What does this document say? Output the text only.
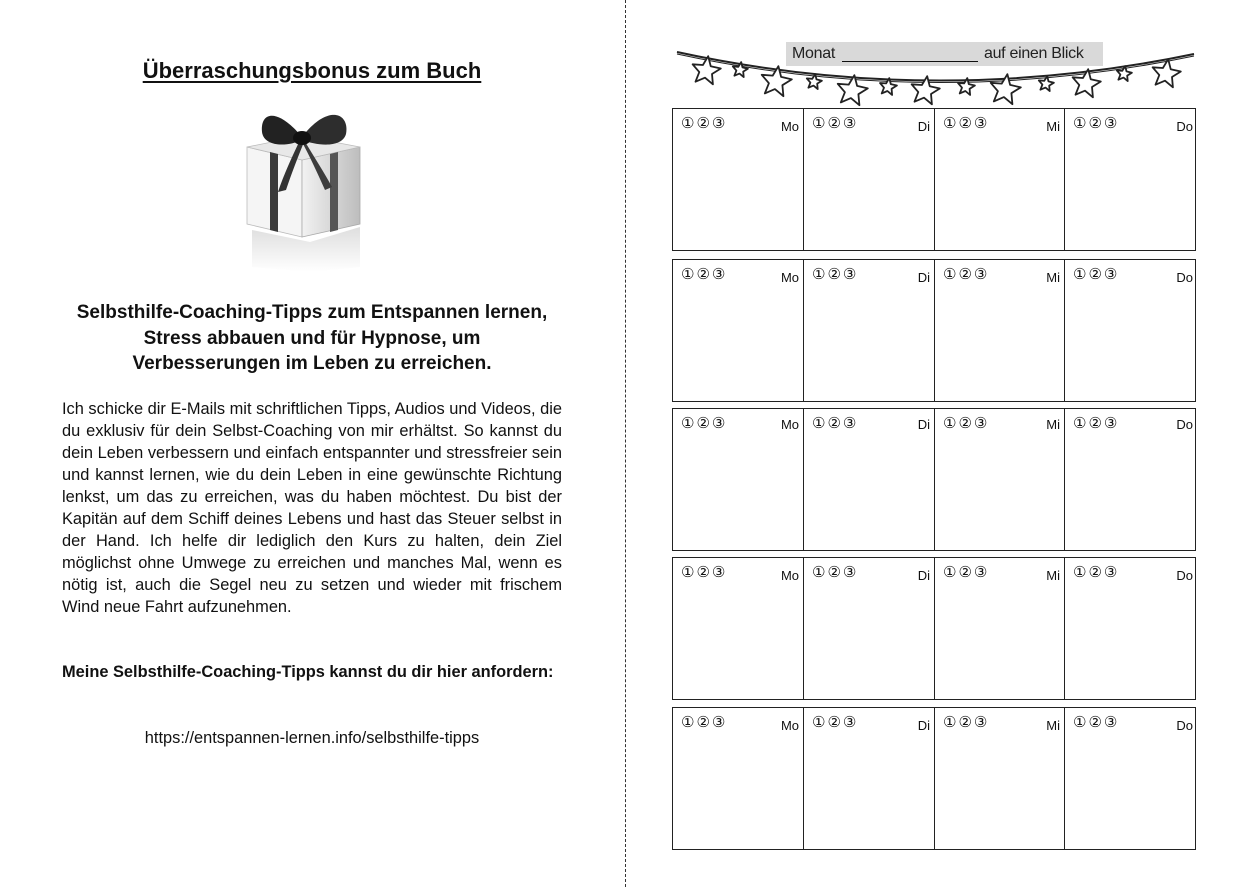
Überraschungsbonus zum Buch
Selbsthilfe-Coaching-Tipps zum Entspannen lernen, Stress abbauen und für Hypnose, um Verbesserungen im Leben zu erreichen.
Ich schicke dir E-Mails mit schriftlichen Tipps, Audios und Videos, die du exklusiv für dein Selbst-Coaching von mir erhältst. So kannst du dein Leben verbessern und einfach entspannter und stressfreier sein und kannst lernen, wie du dein Leben in eine gewünschte Richtung lenkst, um das zu erreichen, was du haben möchtest. Du bist der Kapitän auf dem Schiff deines Lebens und hast das Steuer selbst in der Hand. Ich helfe dir lediglich den Kurs zu halten, dein Ziel möglichst ohne Umwege zu erreichen und manches Mal, wenn es nötig ist, auch die Segel neu zu setzen und wieder mit frischem Wind neue Fahrt aufzunehmen.
Meine Selbsthilfe-Coaching-Tipps kannst du dir hier anfordern:
https://entspannen-lernen.info/selbsthilfe-tipps
Monat	auf einen Blick
①②③	Mo ①②③	Di ①②③	Mi ①②③	Do
①②③	Mo ①②③	Di ①②③	Mi ①②③	Do
①②③	Mo ①②③	Di ①②③	Mi ①②③	Do
①②③	Mo ①②③	Di ①②③	Mi ①②③	Do
①②③	Mo ①②③	Di ①②③	Mi ①②③	Do
